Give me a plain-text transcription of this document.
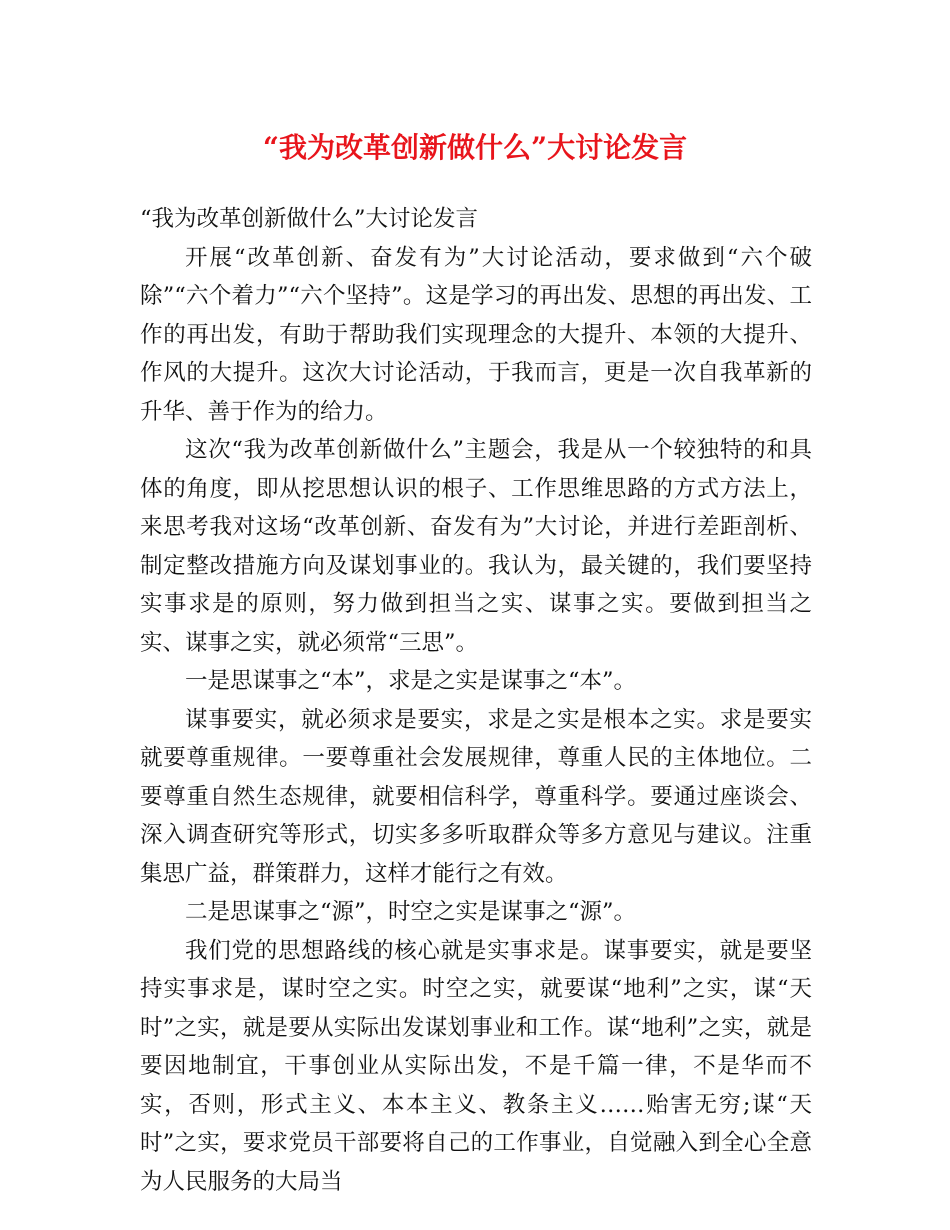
“我为改革创新做什么”大讨论发言

“我为改革创新做什么”大讨论发言

开展“改革创新、奋发有为”大讨论活动，要求做到“六个破除”“六个着力”“六个坚持”。这是学习的再出发、思想的再出发、工作的再出发，有助于帮助我们实现理念的大提升、本领的大提升、作风的大提升。这次大讨论活动，于我而言，更是一次自我革新的升华、善于作为的给力。

这次“我为改革创新做什么”主题会，我是从一个较独特的和具体的角度，即从挖思想认识的根子、工作思维思路的方式方法上，来思考我对这场“改革创新、奋发有为”大讨论，并进行差距剖析、制定整改措施方向及谋划事业的。我认为，最关键的，我们要坚持实事求是的原则，努力做到担当之实、谋事之实。要做到担当之实、谋事之实，就必须常“三思”。

一是思谋事之“本”，求是之实是谋事之“本”。

谋事要实，就必须求是要实，求是之实是根本之实。求是要实就要尊重规律。一要尊重社会发展规律，尊重人民的主体地位。二要尊重自然生态规律，就要相信科学，尊重科学。要通过座谈会、深入调查研究等形式，切实多多听取群众等多方意见与建议。注重集思广益，群策群力，这样才能行之有效。

二是思谋事之“源”，时空之实是谋事之“源”。

我们党的思想路线的核心就是实事求是。谋事要实，就是要坚持实事求是，谋时空之实。时空之实，就要谋“地利”之实，谋“天时”之实，就是要从实际出发谋划事业和工作。谋“地利”之实，就是要因地制宜，干事创业从实际出发，不是千篇一律，不是华而不实，否则，形式主义、本本主义、教条主义……贻害无穷;谋“天时”之实，要求党员干部要将自己的工作事业，自觉融入到全心全意为人民服务的大局当
